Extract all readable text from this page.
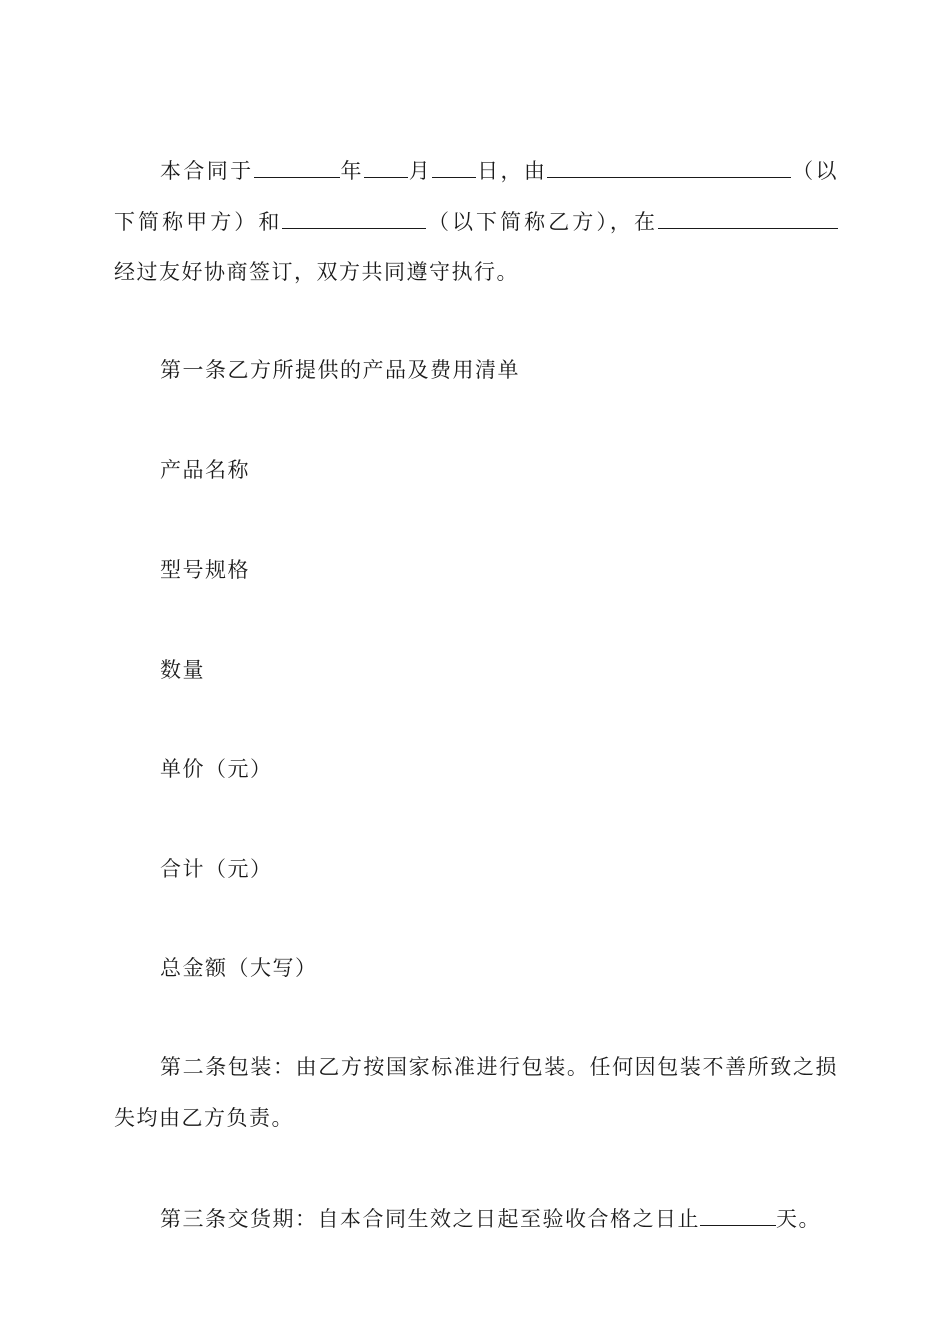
本合同于	年 月 日，由	（以
下简称甲方）和	（以下简称乙方），在
经过友好协商签订，双方共同遵守执行。
第一条乙方所提供的产品及费用清单
产品名称
型号规格
数量
单价（元）
合计（元）
总金额（大写）
第二条包装：由乙方按国家标准进行包装。任何因包装不善所致之损
失均由乙方负责。
第三条交货期：自本合同生效之日起至验收合格之日止	天。
